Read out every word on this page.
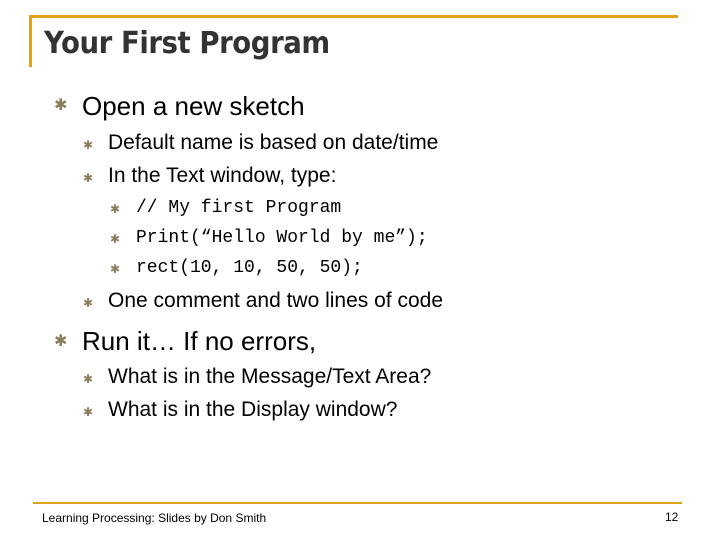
Your First Program
✱ Open a new sketch
✱ Default name is based on date/time
✱ In the Text window, type:
✱ // My first Program
✱ Print(“Hello World by me”);
✱ rect(10, 10, 50, 50);
✱ One comment and two lines of code
✱ Run it… If no errors,
✱ What is in the Message/Text Area?
✱ What is in the Display window?
Learning Processing: Slides by Don Smith	12
